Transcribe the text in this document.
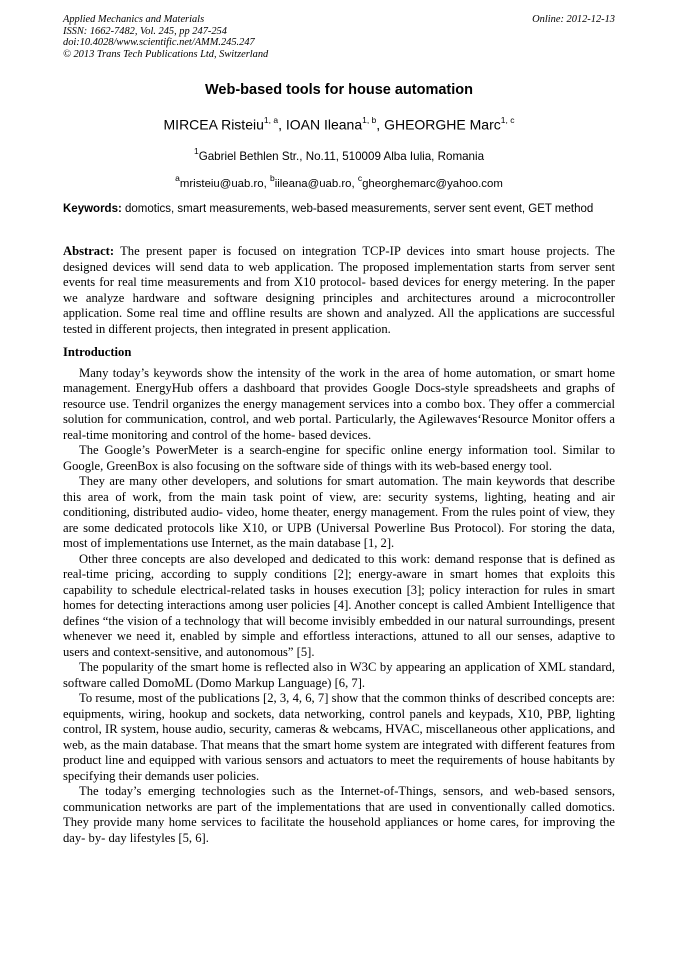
Applied Mechanics and Materials
ISSN: 1662-7482, Vol. 245, pp 247-254
doi:10.4028/www.scientific.net/AMM.245.247
© 2013 Trans Tech Publications Ltd, Switzerland
Online: 2012-12-13
Web-based tools for house automation
MIRCEA Risteiu$^{1, a}$, IOAN Ileana$^{1, b}$, GHEORGHE Marc$^{1, c}$
$^1$Gabriel Bethlen Str., No.11, 510009 Alba Iulia, Romania
$^a$mristeiu@uab.ro, $^b$iileana@uab.ro, $^c$gheorghemarc@yahoo.com
Keywords: domotics, smart measurements, web-based measurements, server sent event, GET method

Abstract: The present paper is focused on integration TCP-IP devices into smart house projects. The designed devices will send data to web application. The proposed implementation starts from server sent events for real time measurements and from X10 protocol- based devices for energy metering. In the paper we analyze hardware and software designing principles and architectures around a microcontroller application. Some real time and offline results are shown and analyzed. All the applications are successful tested in different projects, then integrated in present application.

Introduction

Many today’s keywords show the intensity of the work in the area of home automation, or smart home management. EnergyHub offers a dashboard that provides Google Docs-style spreadsheets and graphs of resource use. Tendril organizes the energy management services into a combo box. They offer a commercial solution for communication, control, and web portal. Particularly, the Agilewaves‘Resource Monitor offers a real-time monitoring and control of the home- based devices.

The Google’s PowerMeter is a search-engine for specific online energy information tool. Similar to Google, GreenBox is also focusing on the software side of things with its web-based energy tool.

They are many other developers, and solutions for smart automation. The main keywords that describe this area of work, from the main task point of view, are: security systems, lighting, heating and air conditioning, distributed audio- video, home theater, energy management. From the rules point of view, they are some dedicated protocols like X10, or UPB (Universal Powerline Bus Protocol). For storing the data, most of implementations use Internet, as the main database [1, 2].

Other three concepts are also developed and dedicated to this work: demand response that is defined as real-time pricing, according to supply conditions [2]; energy-aware in smart homes that exploits this capability to schedule electrical-related tasks in houses execution [3]; policy interaction for rules in smart homes for detecting interactions among user policies [4]. Another concept is called Ambient Intelligence that defines “the vision of a technology that will become invisibly embedded in our natural surroundings, present whenever we need it, enabled by simple and effortless interactions, attuned to all our senses, adaptive to users and context-sensitive, and autonomous” [5].

The popularity of the smart home is reflected also in W3C by appearing an application of XML standard, software called DomoML (Domo Markup Language) [6, 7].

To resume, most of the publications [2, 3, 4, 6, 7] show that the common thinks of described concepts are: equipments, wiring, hookup and sockets, data networking, control panels and keypads, X10, PBP, lighting control, IR system, house audio, security, cameras & webcams, HVAC, miscellaneous other applications, and web, as the main database. That means that the smart home system are integrated with different features from product line and equipped with various sensors and actuators to meet the requirements of house habitants by specifying their demands user policies.

The today’s emerging technologies such as the Internet-of-Things, sensors, and web-based sensors, communication networks are part of the implementations that are used in conventionally called domotics. They provide many home services to facilitate the household appliances or home cares, for improving the day- by- day lifestyles [5, 6].
